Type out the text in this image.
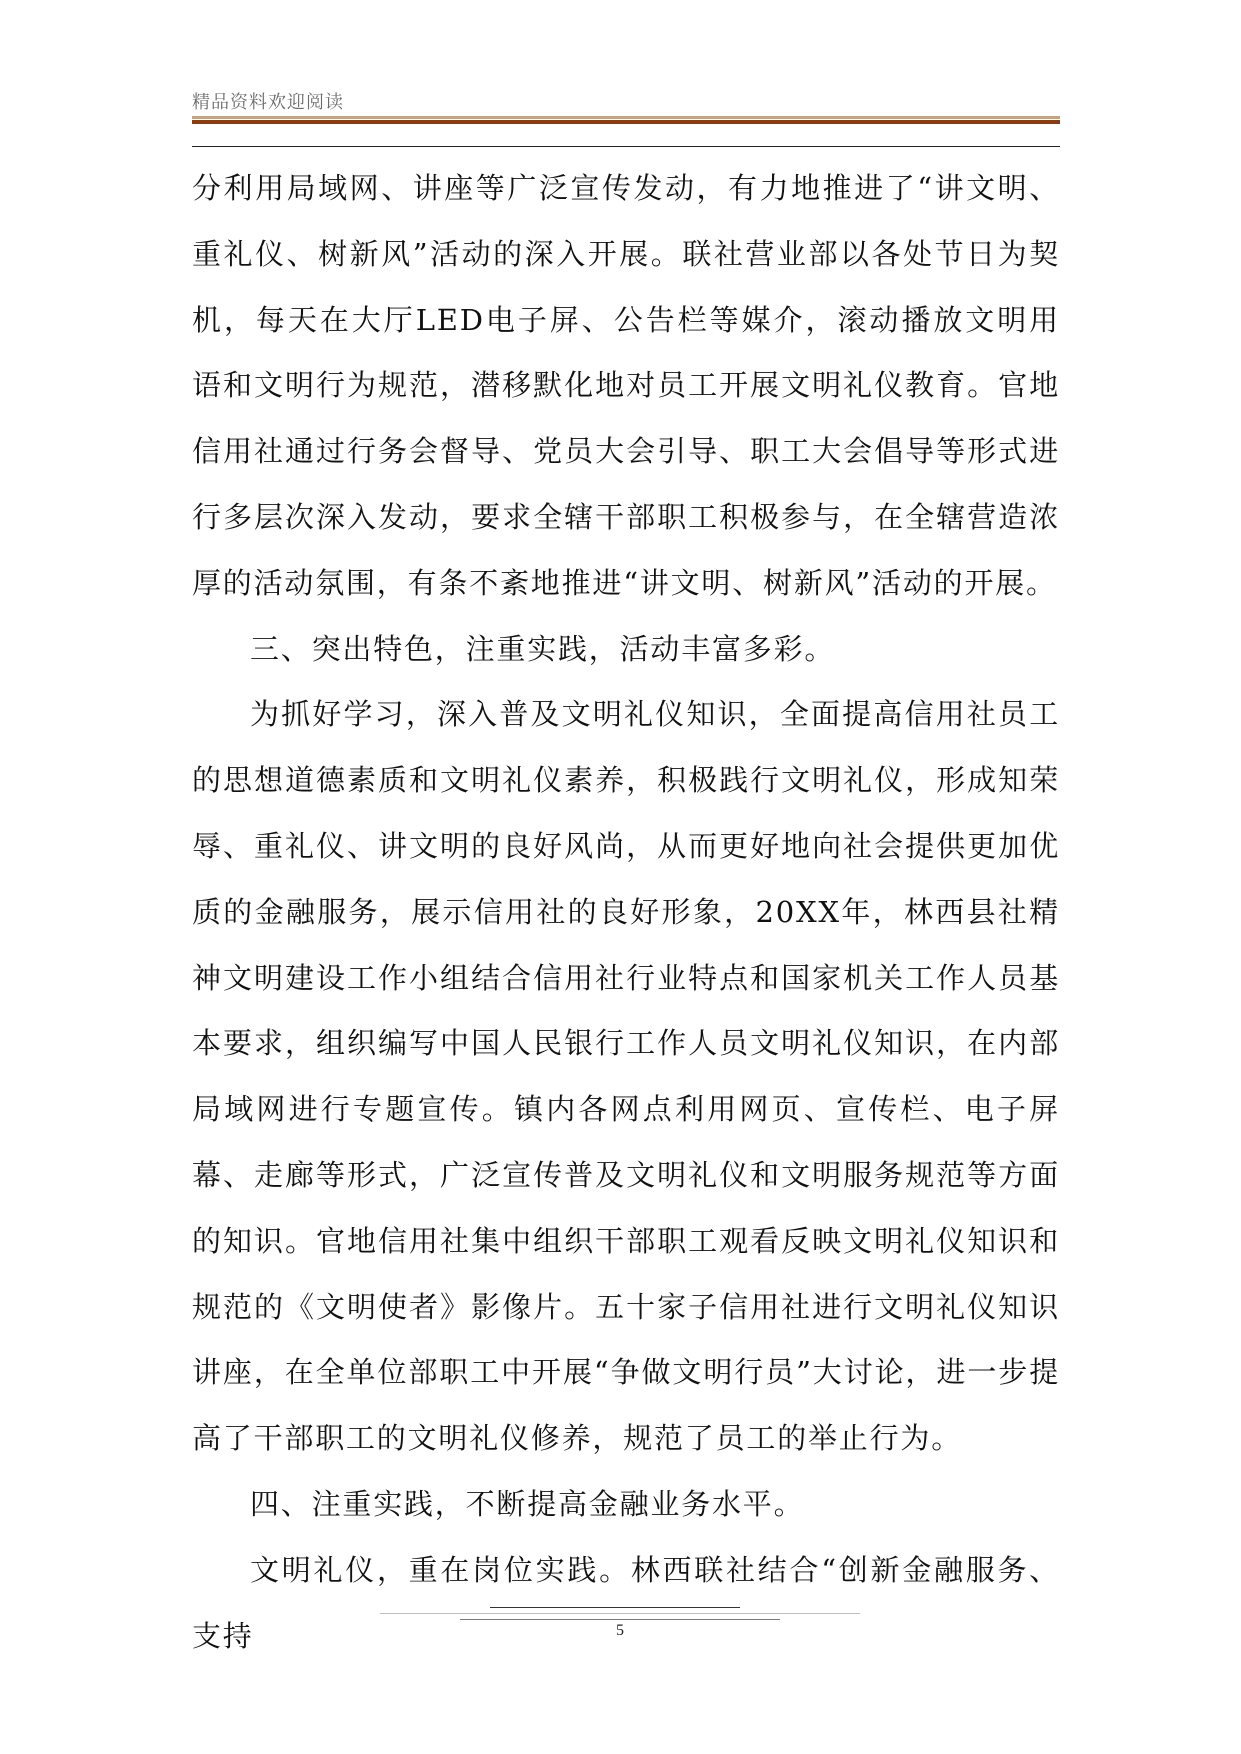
精品资料欢迎阅读

分利用局域网、讲座等广泛宣传发动，有力地推进了“讲文明、重礼仪、树新风”活动的深入开展。联社营业部以各处节日为契机，每天在大厅LED电子屏、公告栏等媒介，滚动播放文明用语和文明行为规范，潜移默化地对员工开展文明礼仪教育。官地信用社通过行务会督导、党员大会引导、职工大会倡导等形式进行多层次深入发动，要求全辖干部职工积极参与，在全辖营造浓厚的活动氛围，有条不紊地推进“讲文明、树新风”活动的开展。

三、突出特色，注重实践，活动丰富多彩。

为抓好学习，深入普及文明礼仪知识，全面提高信用社员工的思想道德素质和文明礼仪素养，积极践行文明礼仪，形成知荣辱、重礼仪、讲文明的良好风尚，从而更好地向社会提供更加优质的金融服务，展示信用社的良好形象，20XX年，林西县社精神文明建设工作小组结合信用社行业特点和国家机关工作人员基本要求，组织编写中国人民银行工作人员文明礼仪知识，在内部局域网进行专题宣传。镇内各网点利用网页、宣传栏、电子屏幕、走廊等形式，广泛宣传普及文明礼仪和文明服务规范等方面的知识。官地信用社集中组织干部职工观看反映文明礼仪知识和规范的《文明使者》影像片。五十家子信用社进行文明礼仪知识讲座，在全单位部职工中开展“争做文明行员”大讨论，进一步提高了干部职工的文明礼仪修养，规范了员工的举止行为。

四、注重实践，不断提高金融业务水平。

文明礼仪，重在岗位实践。林西联社结合“创新金融服务、支持	5
